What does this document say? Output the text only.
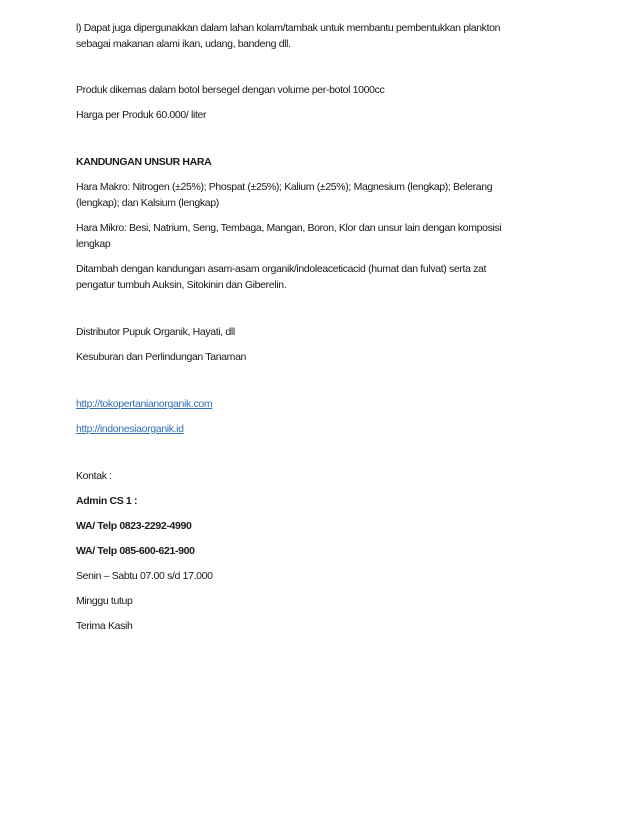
l) Dapat juga dipergunakkan dalam lahan kolam/tambak untuk membantu pembentukkan plankton
sebagai makanan alami ikan, udang, bandeng dll.

Produk dikemas dalam botol bersegel dengan volume per-botol 1000cc

Harga per Produk 60.000/ liter

KANDUNGAN UNSUR HARA

Hara Makro: Nitrogen (±25%); Phospat (±25%); Kalium (±25%); Magnesium (lengkap); Belerang
(lengkap); dan Kalsium (lengkap)

Hara Mikro: Besi, Natrium, Seng, Tembaga, Mangan, Boron, Klor dan unsur lain dengan komposisi
lengkap

Ditambah dengan kandungan asam-asam organik/indoleaceticacid (humat dan fulvat) serta zat
pengatur tumbuh Auksin, Sitokinin dan Giberelin.

Distributor Pupuk Organik, Hayati, dll

Kesuburan dan Perlindungan Tanaman

http://tokopertanianorganik.com

http://indonesiaorganik.id

Kontak :

Admin CS 1 :

WA/ Telp 0823-2292-4990

WA/ Telp 085-600-621-900

Senin – Sabtu 07.00 s/d 17.000

Minggu tutup

Terima Kasih
